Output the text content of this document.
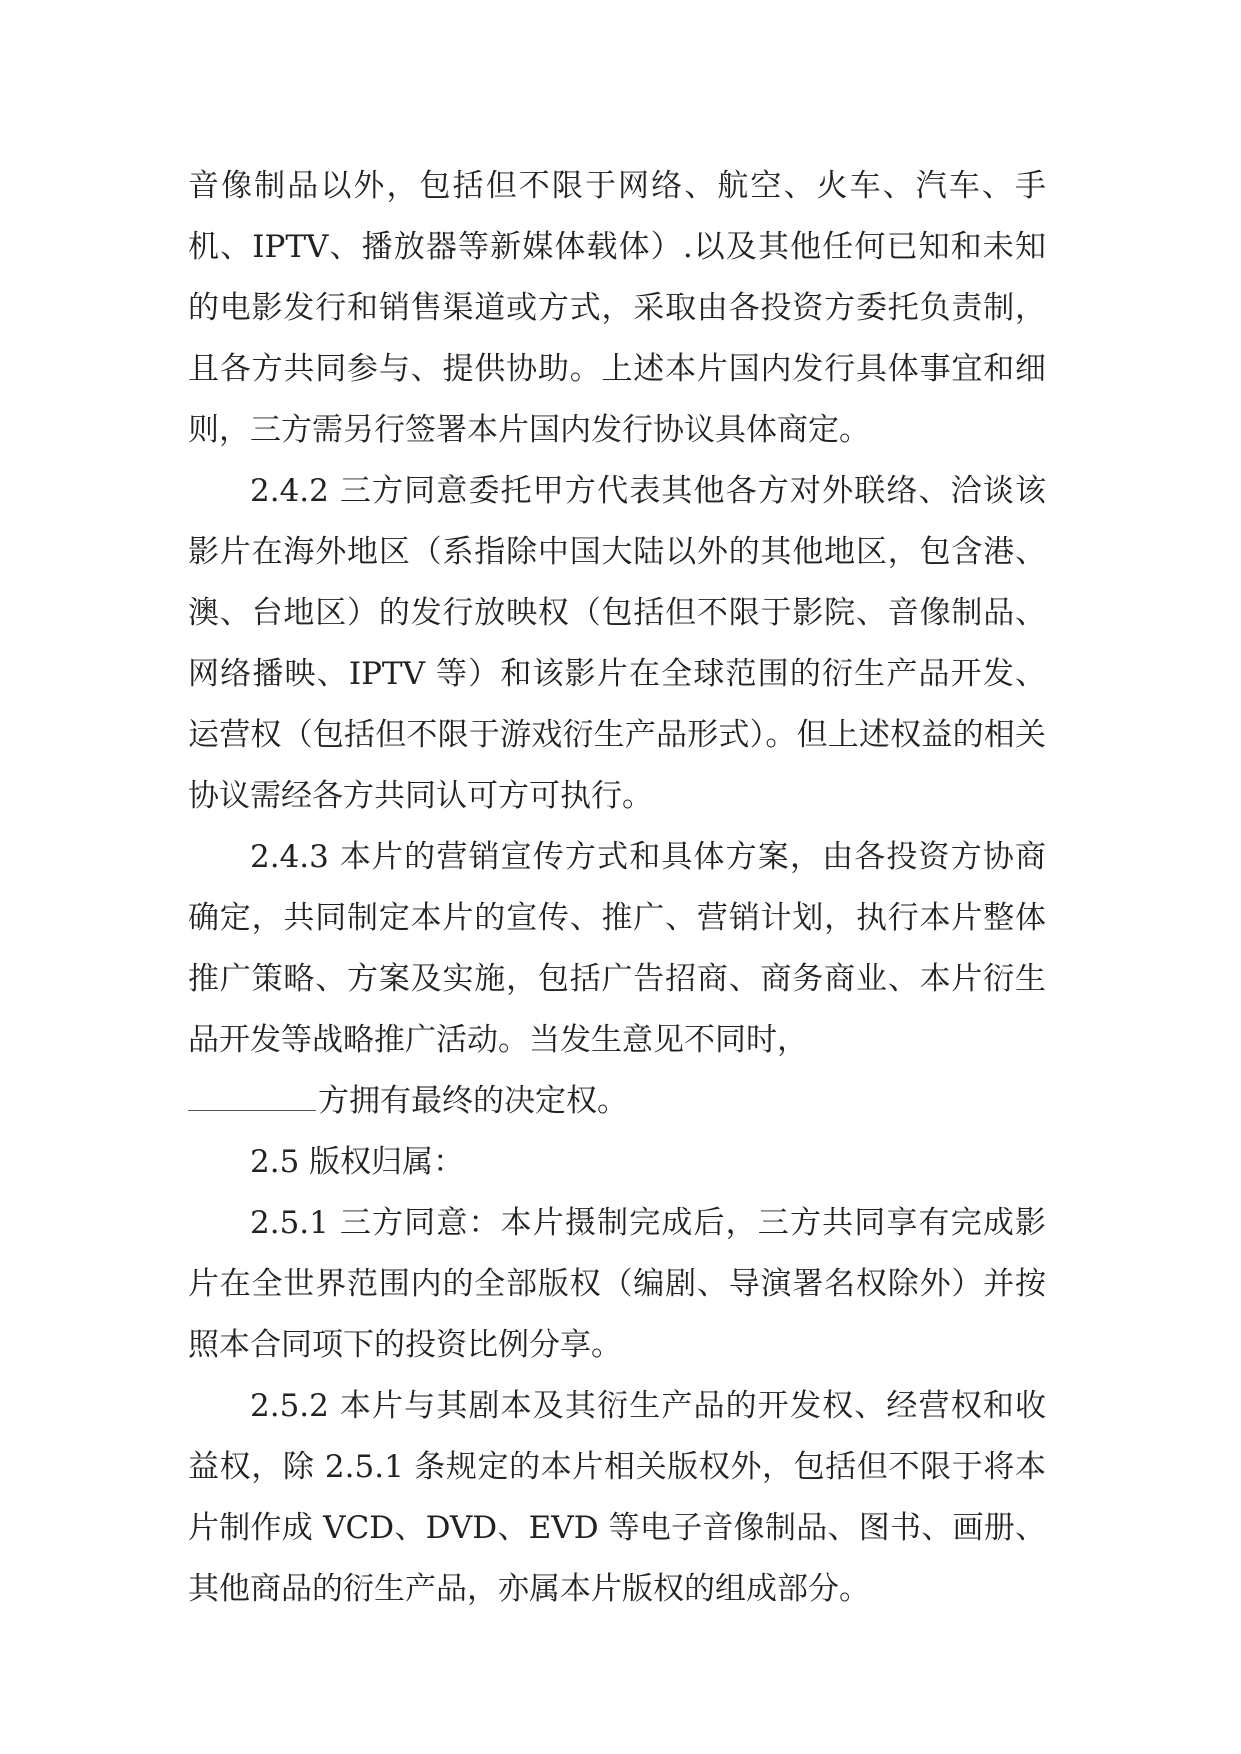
音像制品以外，包括但不限于网络、航空、火车、汽车、手机、IPTV、播放器等新媒体载体）.以及其他任何已知和未知的电影发行和销售渠道或方式，采取由各投资方委托负责制，且各方共同参与、提供协助。上述本片国内发行具体事宜和细则，三方需另行签署本片国内发行协议具体商定。

2.4.2 三方同意委托甲方代表其他各方对外联络、洽谈该影片在海外地区（系指除中国大陆以外的其他地区，包含港、澳、台地区）的发行放映权（包括但不限于影院、音像制品、网络播映、IPTV 等）和该影片在全球范围的衍生产品开发、运营权（包括但不限于游戏衍生产品形式）。但上述权益的相关协议需经各方共同认可方可执行。

2.4.3 本片的营销宣传方式和具体方案，由各投资方协商确定，共同制定本片的宣传、推广、营销计划，执行本片整体推广策略、方案及实施，包括广告招商、商务商业、本片衍生品开发等战略推广活动。当发生意见不同时，

方拥有最终的决定权。

2.5 版权归属：

2.5.1 三方同意：本片摄制完成后，三方共同享有完成影片在全世界范围内的全部版权（编剧、导演署名权除外）并按照本合同项下的投资比例分享。

2.5.2 本片与其剧本及其衍生产品的开发权、经营权和收益权，除 2.5.1 条规定的本片相关版权外，包括但不限于将本片制作成 VCD、DVD、EVD 等电子音像制品、图书、画册、其他商品的衍生产品，亦属本片版权的组成部分。
